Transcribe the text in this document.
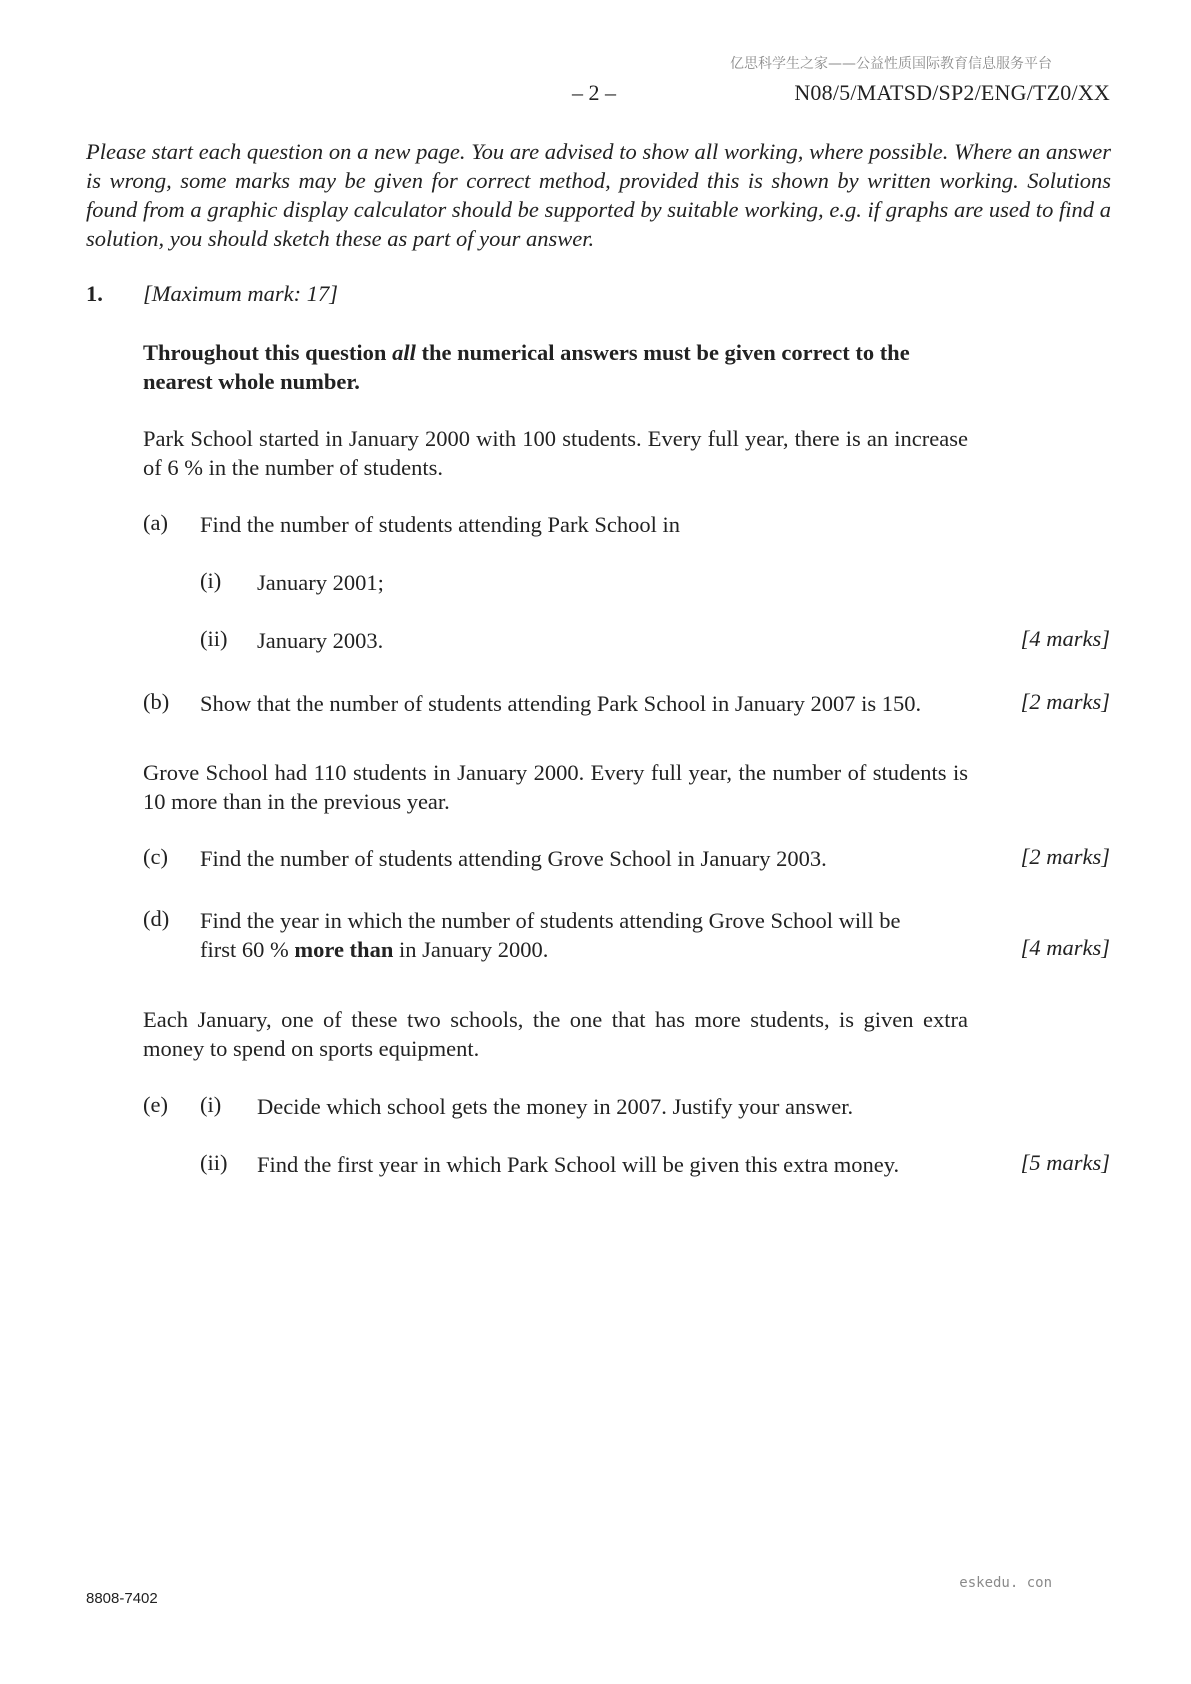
亿思科学生之家——公益性质国际教育信息服务平台
– 2 –	N08/5/MATSD/SP2/ENG/TZ0/XX
Please start each question on a new page. You are advised to show all working, where possible. Where an answer is wrong, some marks may be given for correct method, provided this is shown by written working. Solutions found from a graphic display calculator should be supported by suitable working, e.g. if graphs are used to find a solution, you should sketch these as part of your answer.
1. [Maximum mark: 17]
Throughout this question all the numerical answers must be given correct to the nearest whole number.
Park School started in January 2000 with 100 students. Every full year, there is an increase of 6 % in the number of students.
(a) Find the number of students attending Park School in
(i) January 2001;
(ii) January 2003.	[4 marks]
(b) Show that the number of students attending Park School in January 2007 is 150.	[2 marks]
Grove School had 110 students in January 2000. Every full year, the number of students is 10 more than in the previous year.
(c) Find the number of students attending Grove School in January 2003.	[2 marks]
(d) Find the year in which the number of students attending Grove School will be
first 60 % more than in January 2000.	[4 marks]
Each January, one of these two schools, the one that has more students, is given extra money to spend on sports equipment.
(e) (i) Decide which school gets the money in 2007. Justify your answer.
(ii) Find the first year in which Park School will be given this extra money.	[5 marks]
8808-7402
eskedu. con
